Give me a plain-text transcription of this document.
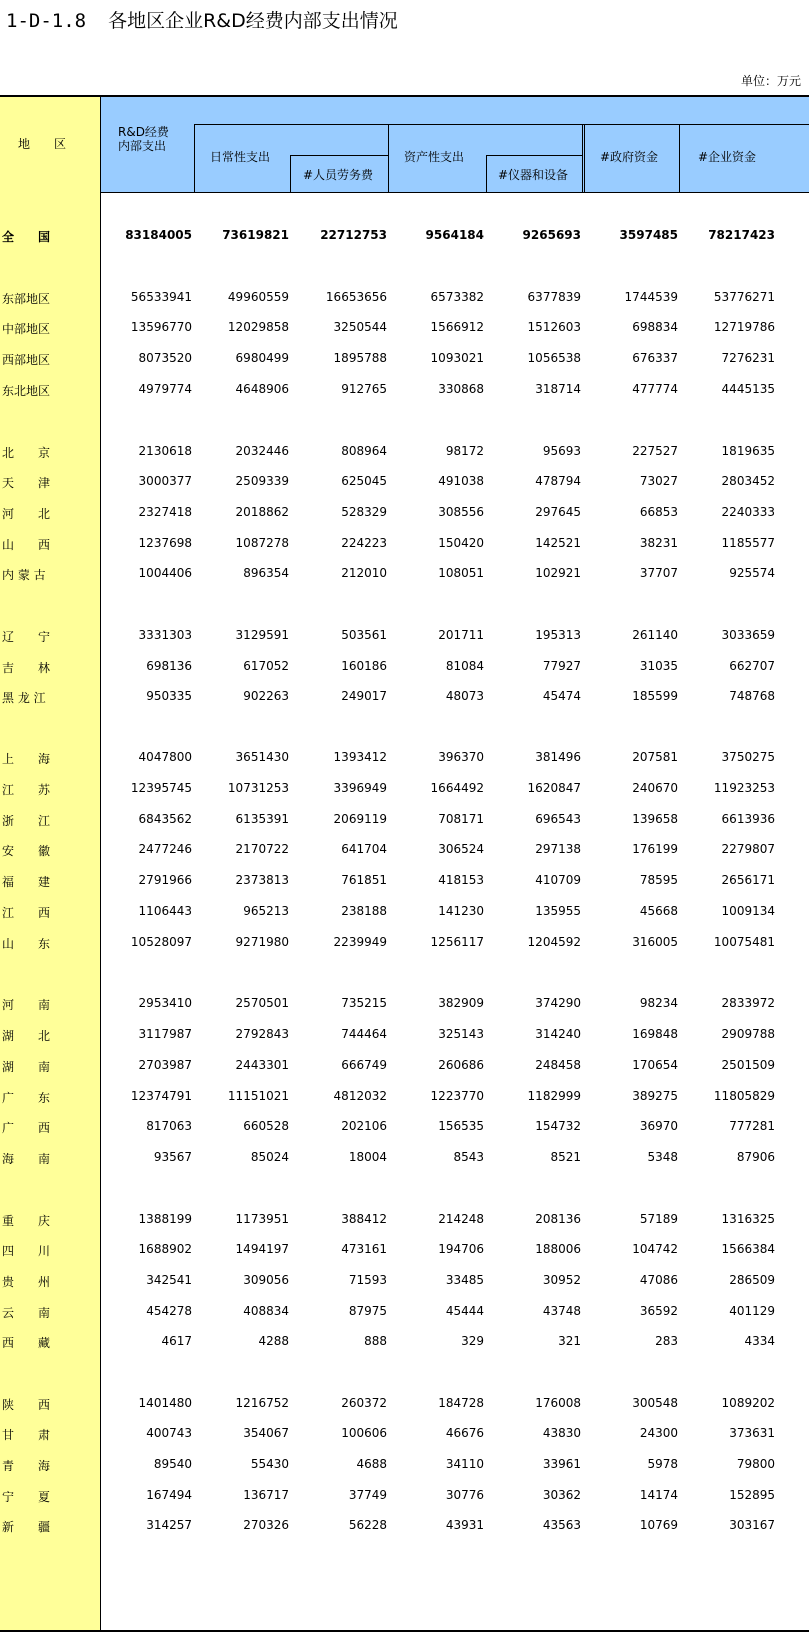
1-D-1.8 各地区企业R&D经费内部支出情况
单位：万元
地　　区
R&D经费
内部支出
日常性支出
#人员劳务费
资产性支出
#仪器和设备
#政府资金	#企业资金
全　　国	83184005	73619821	22712753	9564184	9265693	3597485	78217423
东部地区	56533941	49960559	16653656	6573382	6377839	1744539	53776271
中部地区	13596770	12029858	3250544	1566912	1512603	698834	12719786
西部地区	8073520	6980499	1895788	1093021	1056538	676337	7276231
东北地区	4979774	4648906	912765	330868	318714	477774	4445135
北　　京	2130618	2032446	808964	98172	95693	227527	1819635
天　　津	3000377	2509339	625045	491038	478794	73027	2803452
河　　北	2327418	2018862	528329	308556	297645	66853	2240333
山　　西	1237698	1087278	224223	150420	142521	38231	1185577
内 蒙 古	1004406	896354	212010	108051	102921	37707	925574
辽　　宁	3331303	3129591	503561	201711	195313	261140	3033659
吉　　林	698136	617052	160186	81084	77927	31035	662707
黑 龙 江	950335	902263	249017	48073	45474	185599	748768
上　　海	4047800	3651430	1393412	396370	381496	207581	3750275
江　　苏	12395745	10731253	3396949	1664492	1620847	240670	11923253
浙　　江	6843562	6135391	2069119	708171	696543	139658	6613936
安　　徽	2477246	2170722	641704	306524	297138	176199	2279807
福　　建	2791966	2373813	761851	418153	410709	78595	2656171
江　　西	1106443	965213	238188	141230	135955	45668	1009134
山　　东	10528097	9271980	2239949	1256117	1204592	316005	10075481
河　　南	2953410	2570501	735215	382909	374290	98234	2833972
湖　　北	3117987	2792843	744464	325143	314240	169848	2909788
湖　　南	2703987	2443301	666749	260686	248458	170654	2501509
广　　东	12374791	11151021	4812032	1223770	1182999	389275	11805829
广　　西	817063	660528	202106	156535	154732	36970	777281
海　　南	93567	85024	18004	8543	8521	5348	87906
重　　庆	1388199	1173951	388412	214248	208136	57189	1316325
四　　川	1688902	1494197	473161	194706	188006	104742	1566384
贵　　州	342541	309056	71593	33485	30952	47086	286509
云　　南	454278	408834	87975	45444	43748	36592	401129
西　　藏	4617	4288	888	329	321	283	4334
陕　　西	1401480	1216752	260372	184728	176008	300548	1089202
甘　　肃	400743	354067	100606	46676	43830	24300	373631
青　　海	89540	55430	4688	34110	33961	5978	79800
宁　　夏	167494	136717	37749	30776	30362	14174	152895
新　　疆	314257	270326	56228	43931	43563	10769	303167
